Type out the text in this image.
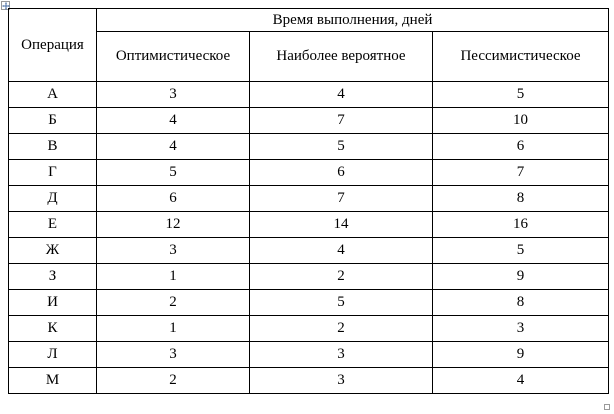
Операция	Время выполнения, дней		
	Оптимистическое	Наиболее вероятное	Пессимистическое
А	3	4	5
Б	4	7	10
В	4	5	6
Г	5	6	7
Д	6	7	8
Е	12	14	16
Ж	3	4	5
З	1	2	9
И	2	5	8
К	1	2	3
Л	3	3	9
М	2	3	4
